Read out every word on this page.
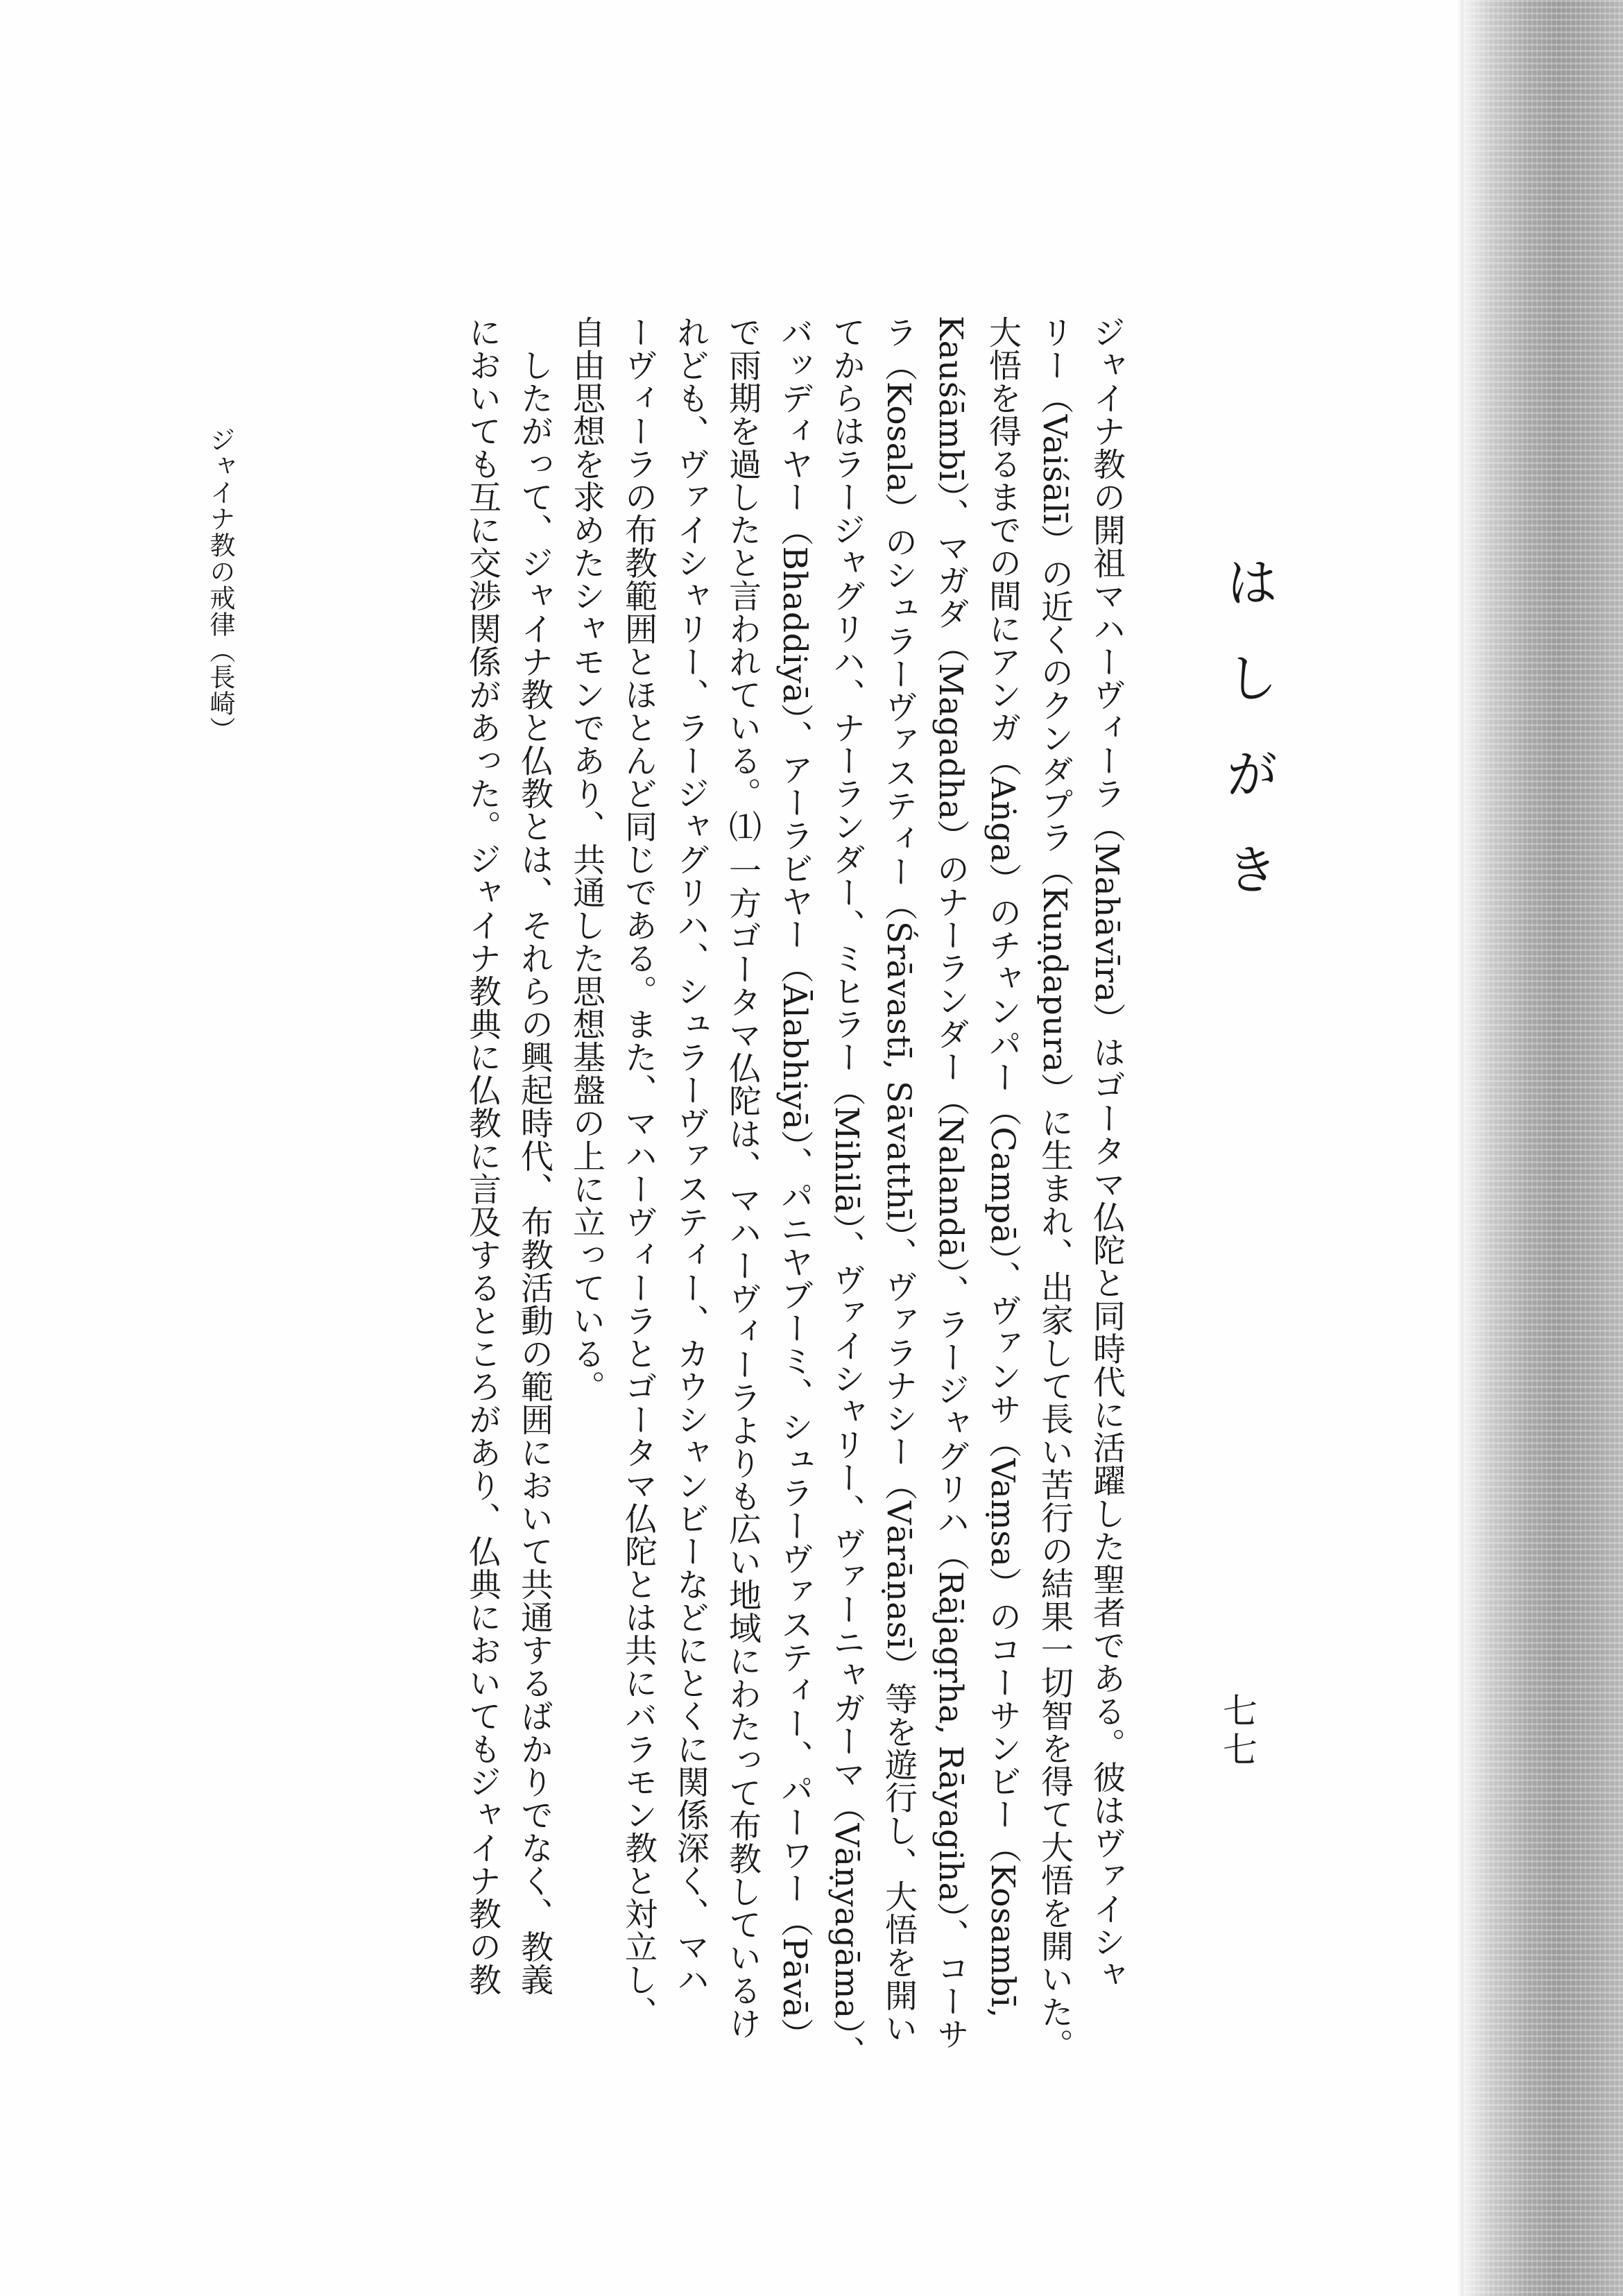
はしがき
ジャイナ教の開祖マハーヴィーラ（Mahāvīra）はゴータマ仏陀と同時代に活躍した聖者である。彼はヴァイシャ
リー（Vaiśālī）の近くのクンダプラ（Kuṇḍapura）に生まれ、出家して長い苦行の結果一切智を得て大悟を開いた。
大悟を得るまでの間にアンガ（Aṅga）のチャンパー（Campā）、ヴァンサ（Vaṃsa）のコーサンビー（Kosambī,
Kauśāmbī）、マガダ（Magadha）のナーランダー（Nalandā）、ラージャグリハ（Rājagṛha, Rāyagiha）、コーサ
ラ（Kosala）のシュラーヴァスティー（Śrāvastī, Sāvatthī）、ヴァラナシー（Vārāṇasī）等を遊行し、大悟を開い
てからはラージャグリハ、ナーランダー、ミヒラー（Mihilā）、ヴァイシャリー、ヴァーニャガーマ（Vāṇyagāma）、
バッディヤー（Bhaddiyā）、アーラビヤー（Ālabhiyā）、パニヤブーミ、シュラーヴァスティー、パーワー（Pāvā）
で雨期を過したと言われている。⑴ 一方ゴータマ仏陀は、マハーヴィーラよりも広い地域にわたって布教しているけ
れども、ヴァイシャリー、ラージャグリハ、シュラーヴァスティー、カウシャンビーなどにとくに関係深く、マハ
ーヴィーラの布教範囲とほとんど同じである。また、マハーヴィーラとゴータマ仏陀とは共にバラモン教と対立し、
自由思想を求めたシャモンであり、共通した思想基盤の上に立っている。
　したがって、ジャイナ教と仏教とは、それらの興起時代、布教活動の範囲において共通するばかりでなく、教義
においても互に交渉関係があった。ジャイナ教典に仏教に言及するところがあり、仏典においてもジャイナ教の教	七七
ジャイナ教の戒律（長崎）
